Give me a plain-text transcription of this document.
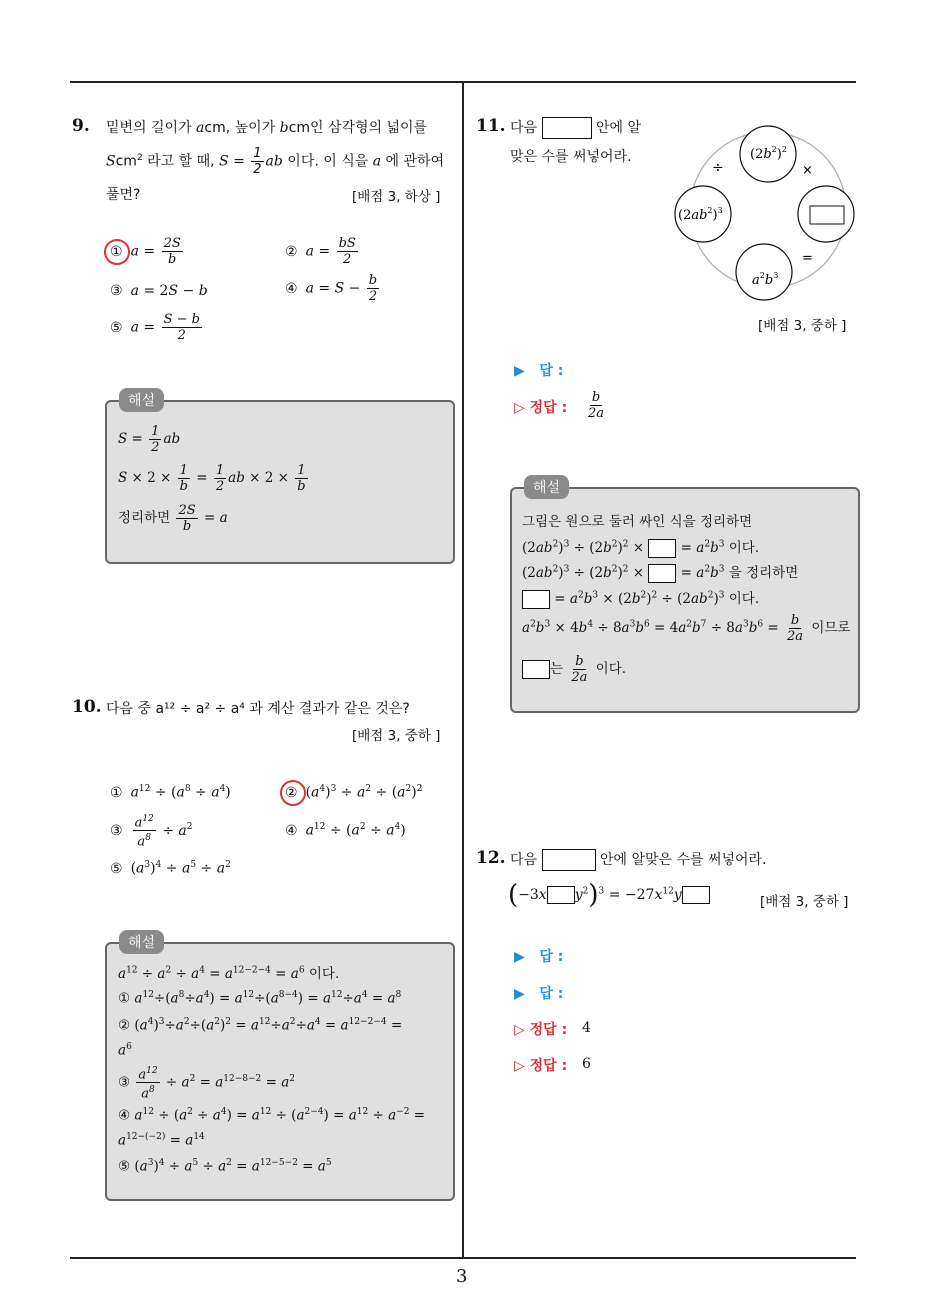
3
9. 밑변의 길이가 acm, 높이가 bcm인 삼각형의 넓이를
Scm$^2$ 라고 할 때, $S = \frac{1}{2}$ ab 이다. 이 식을 a 에 관하여
풀면?	[배점 3, 하상 ]
① $a = \frac{2S}{b}$	② $a = \frac{bS}{2}$
③ a = 2S − b	④ $a = S - \frac{b}{2}$
⑤ $a = \frac{S - b}{2}$
해설
$S = \frac{1}{2}$ ab
$S \times 2 \times \frac{1}{b} = \frac{1}{2}$ ab × $2 \times \frac{1}{b}$
정리하면 $\frac{2S}{b} = a$
10. 다음 중 a¹² ÷ a² ÷ a⁴ 과 계산 결과가 같은 것은?
[배점 3, 중하 ]
① $a^{12} \div (a^8 \div a^4)$	② $(a^4)^3 \div a^2 \div (a^2)^2$
③ $\frac{a^{12}}{a^8} \div a^2$	④ $a^{12} \div (a^2 \div a^4)$
⑤ $(a^3)^4 \div a^5 \div a^2$
해설
$a^{12} \div a^2 \div a^4 = a^{12-2-4} = a^6$ 이다.
① $a^{12}\div(a^8\div a^4) = a^{12}\div(a^{8-4}) = a^{12}\div a^4 = a^8$
② $(a^4)^3\div a^2\div(a^2)^2 = a^{12}\div a^2\div a^4 = a^{12-2-4}$ =
$a^6$
③ $\frac{a^{12}}{a^8} \div a^2 = a^{12-8-2} = a^2$
④ $a^{12} \div (a^2 \div a^4) = a^{12} \div (a^{2-4}) = a^{12} \div a^{-2}$ =
$a^{12-(-2)} = a^{14}$
⑤ $(a^3)^4 \div a^5 \div a^2 = a^{12-5-2} = a^5$
11. 다음	안에 알
맞은 수를 써넣어라.	$(2b^2)^2$
$(2ab^2)^3$
$a^2b^3$
÷	×
=
[배점 3, 중하 ]
▶   답 :
▷ 정답 : $\frac{b}{2a}$
해설
그림은 원으로 둘러 싸인 식을 정리하면
$(2ab^2)^3 \div (2b^2)^2$ ×  = $a^2b^3$ 이다.
$(2ab^2)^3 \div (2b^2)^2$ ×  = $a^2b^3$ 을 정리하면
= $a^2b^3 \times (2b^2)^2 \div (2ab^2)^3$ 이다.
$a^2b^3 \times 4b^4 \div 8a^3b^6 = 4a^2b^7 \div 8a^3b^6 = \frac{b}{2a}$ 이므로
는 $\frac{b}{2a}$ 이다.
12. 다음	안에 알맞은 수를 써넣어라.
(−3x $y^2)^3 = -27x^{12}y$	[배점 3, 중하 ]
▶   답 :
▶   답 :
▷ 정답 : 4
▷ 정답 : 6
